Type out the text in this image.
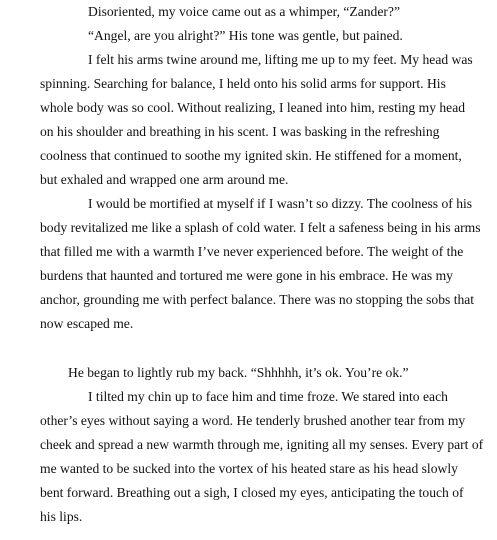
Disoriented, my voice came out as a whimper, “Zander?”
“Angel, are you alright?” His tone was gentle, but pained.
I felt his arms twine around me, lifting me up to my feet. My head was
spinning. Searching for balance, I held onto his solid arms for support. His
whole body was so cool. Without realizing, I leaned into him, resting my head
on his shoulder and breathing in his scent. I was basking in the refreshing
coolness that continued to soothe my ignited skin. He stiffened for a moment,
but exhaled and wrapped one arm around me.
I would be mortified at myself if I wasn’t so dizzy. The coolness of his
body revitalized me like a splash of cold water. I felt a safeness being in his arms
that filled me with a warmth I’ve never experienced before. The weight of the
burdens that haunted and tortured me were gone in his embrace. He was my
anchor, grounding me with perfect balance. There was no stopping the sobs that
now escaped me.
He began to lightly rub my back. “Shhhhh, it’s ok. You’re ok.”
I tilted my chin up to face him and time froze. We stared into each
other’s eyes without saying a word. He tenderly brushed another tear from my
cheek and spread a new warmth through me, igniting all my senses. Every part of
me wanted to be sucked into the vortex of his heated stare as his head slowly
bent forward. Breathing out a sigh, I closed my eyes, anticipating the touch of
his lips.
